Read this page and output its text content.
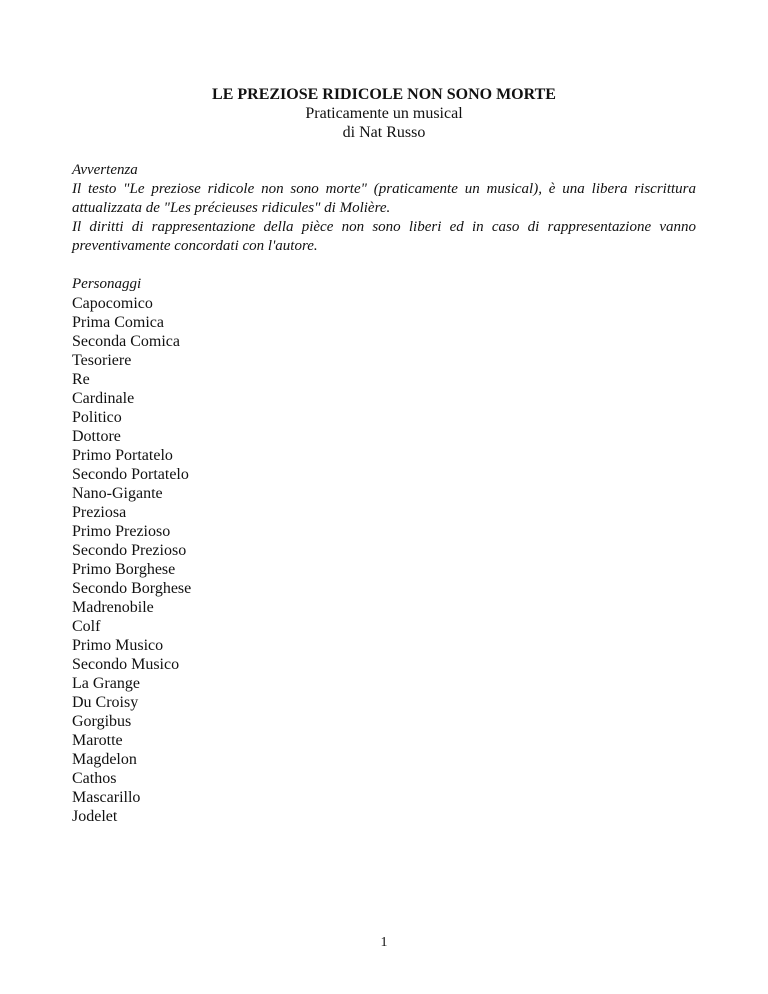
LE PREZIOSE RIDICOLE NON SONO MORTE
Praticamente un musical
di Nat Russo
Avvertenza

Il testo "Le preziose ridicole non sono morte" (praticamente un musical), è una libera riscrittura attualizzata de "Les précieuses ridicules" di Molière.

Il diritti di rappresentazione della pièce non sono liberi ed in caso di rappresentazione vanno preventivamente concordati con l'autore.

Personaggi
Capocomico
Prima Comica
Seconda Comica
Tesoriere
Re
Cardinale
Politico
Dottore
Primo Portatelo
Secondo Portatelo
Nano-Gigante
Preziosa
Primo Prezioso
Secondo Prezioso
Primo Borghese
Secondo Borghese
Madrenobile
Colf
Primo Musico
Secondo Musico
La Grange
Du Croisy
Gorgibus
Marotte
Magdelon
Cathos
Mascarillo
Jodelet
1
